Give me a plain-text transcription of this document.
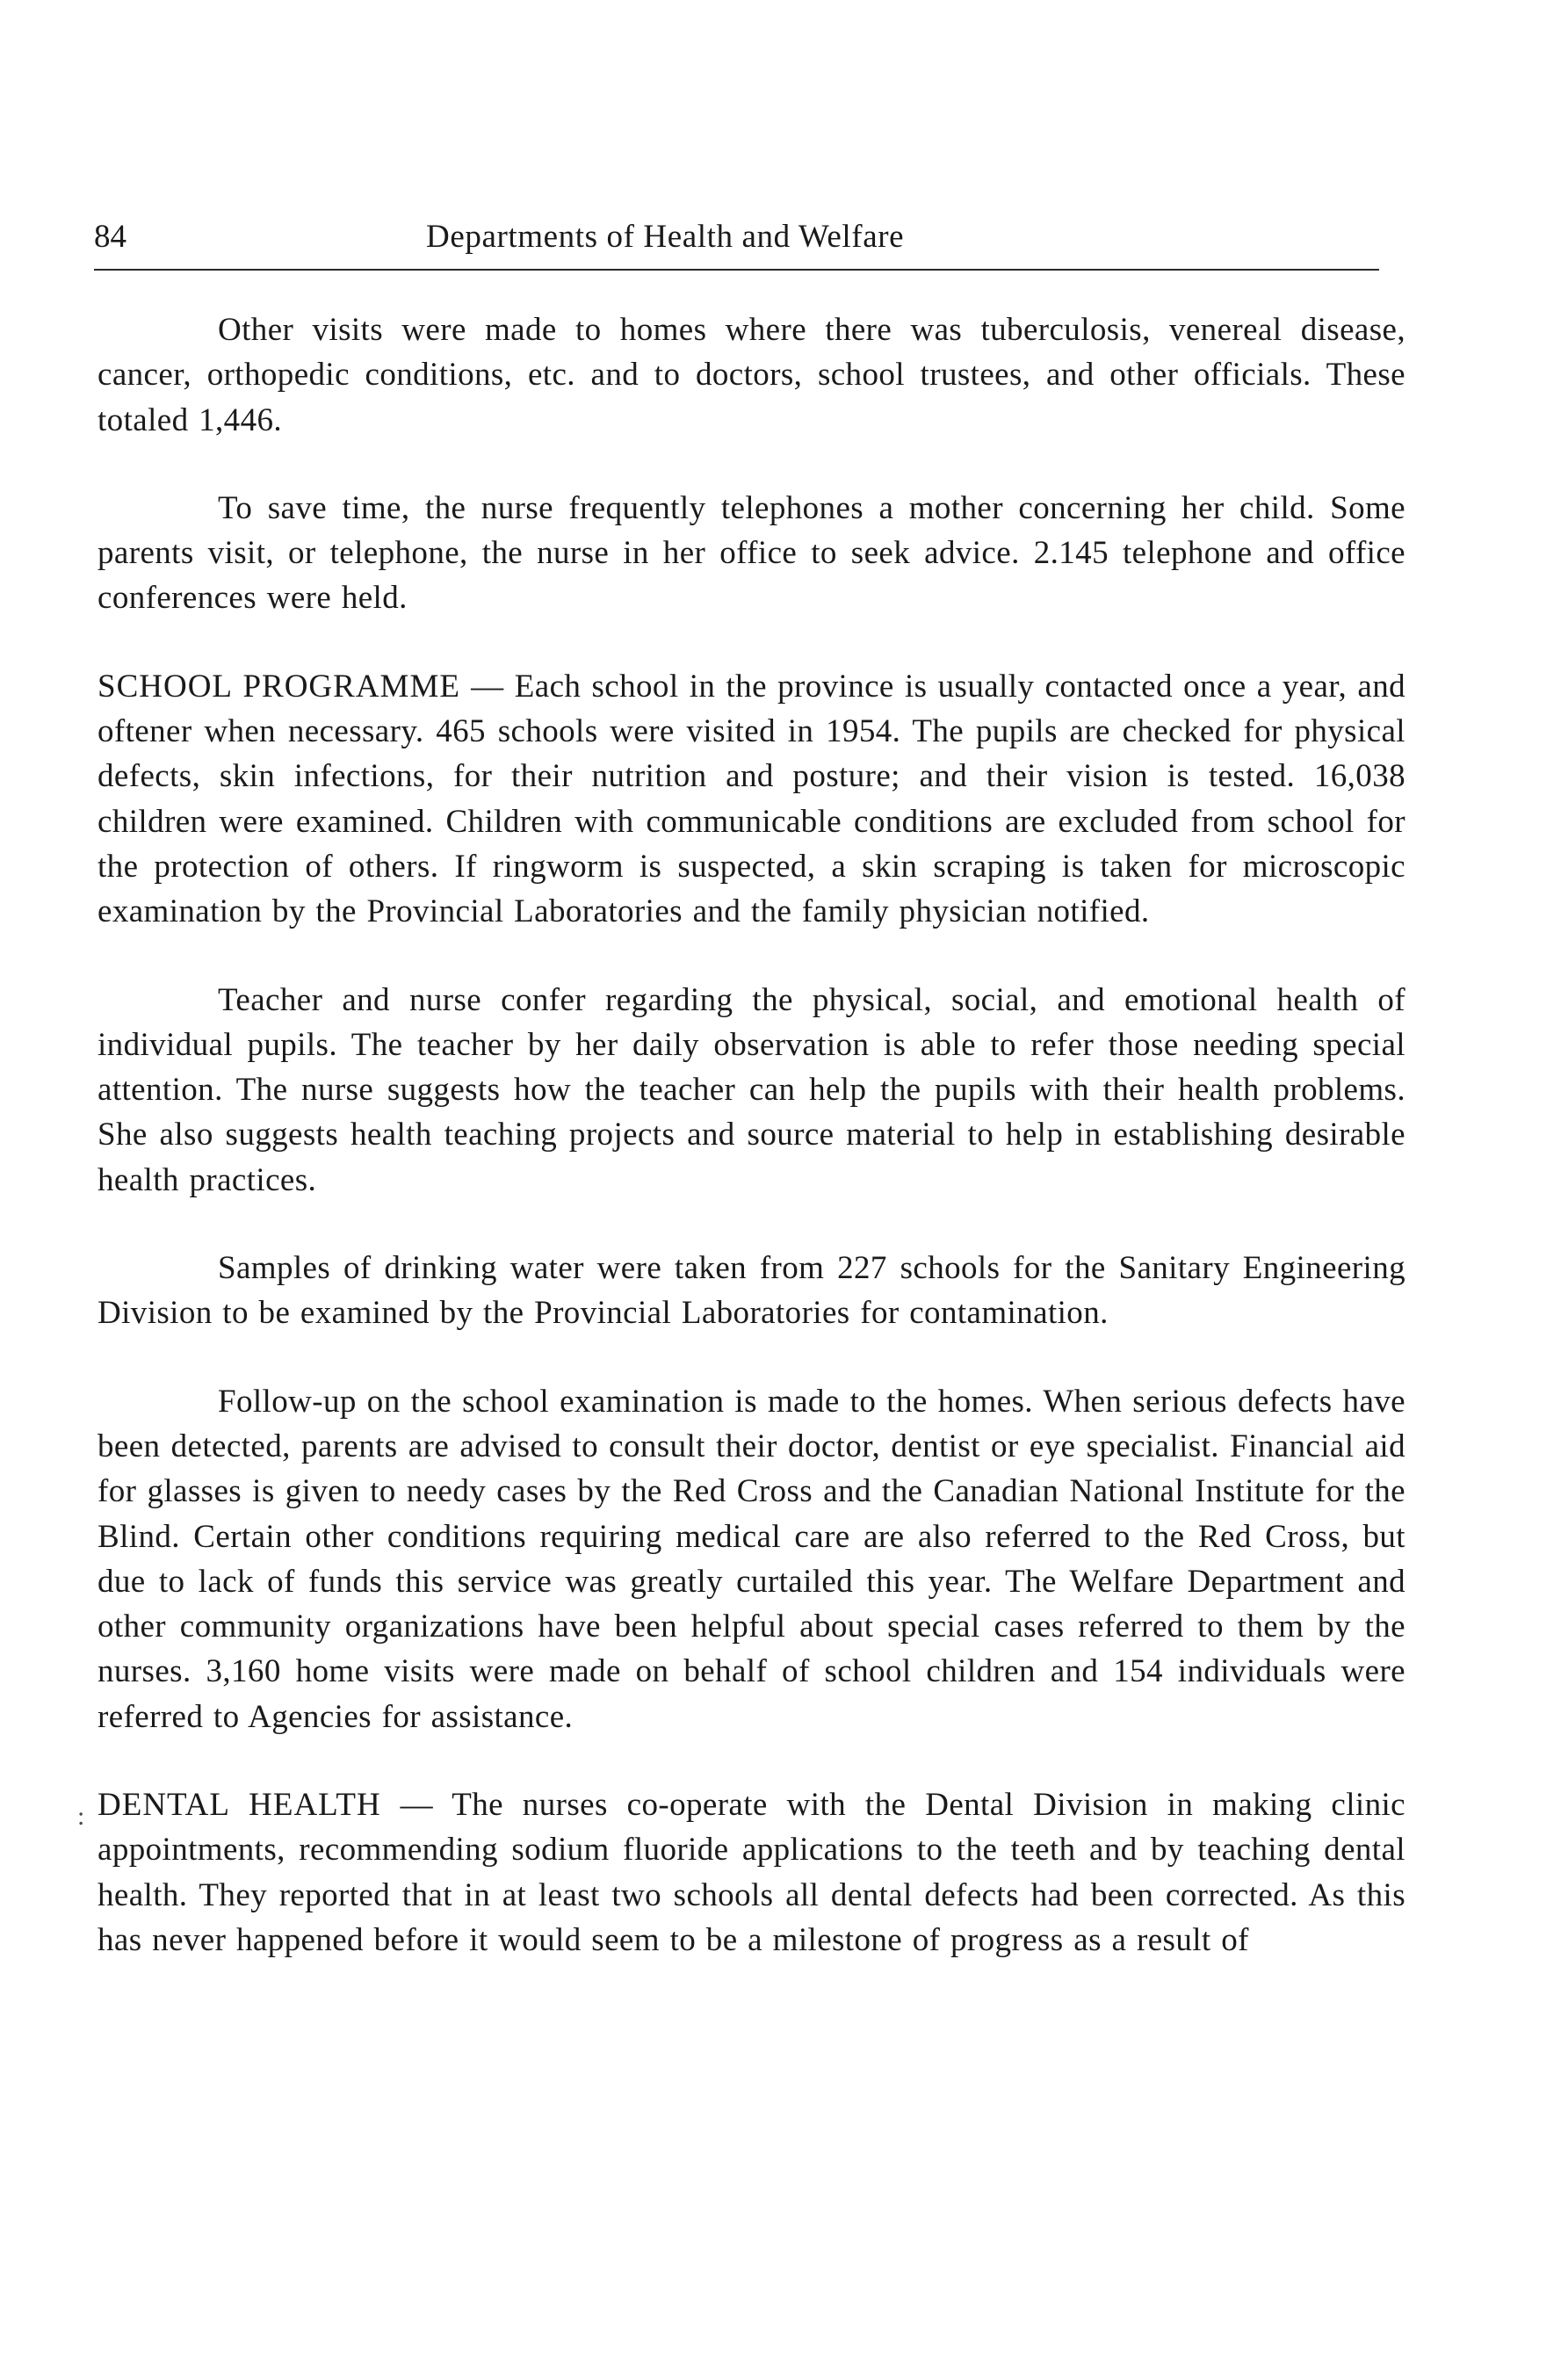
84	Departments of Health and Welfare

Other visits were made to homes where there was tuberculosis, venereal disease, cancer, orthopedic conditions, etc. and to doctors, school trustees, and other officials. These totaled 1,446.

To save time, the nurse frequently telephones a mother concerning her child. Some parents visit, or telephone, the nurse in her office to seek advice. 2.145 telephone and office conferences were held.

SCHOOL PROGRAMME — Each school in the province is usually contacted once a year, and oftener when necessary. 465 schools were visited in 1954. The pupils are checked for physical defects, skin infections, for their nutrition and posture; and their vision is tested. 16,038 children were examined. Children with communicable conditions are excluded from school for the protection of others. If ringworm is suspected, a skin scraping is taken for microscopic examination by the Provincial Laboratories and the family physician notified.

Teacher and nurse confer regarding the physical, social, and emotional health of individual pupils. The teacher by her daily observation is able to refer those needing special attention. The nurse suggests how the teacher can help the pupils with their health problems. She also suggests health teaching projects and source material to help in establishing desirable health practices.

Samples of drinking water were taken from 227 schools for the Sanitary Engineering Division to be examined by the Provincial Laboratories for contamination.

Follow-up on the school examination is made to the homes. When serious defects have been detected, parents are advised to consult their doctor, dentist or eye specialist. Financial aid for glasses is given to needy cases by the Red Cross and the Canadian National Institute for the Blind. Certain other conditions requiring medical care are also referred to the Red Cross, but due to lack of funds this service was greatly curtailed this year. The Welfare Department and other community organizations have been helpful about special cases referred to them by the nurses. 3,160 home visits were made on behalf of school children and 154 individuals were referred to Agencies for assistance.

DENTAL HEALTH — The nurses co-operate with the Dental Division in making clinic appointments, recommending sodium fluoride applications to the teeth and by teaching dental health. They reported that in at least two schools all dental defects had been corrected. As this has never happened before it would seem to be a milestone of progress as a result of

:
